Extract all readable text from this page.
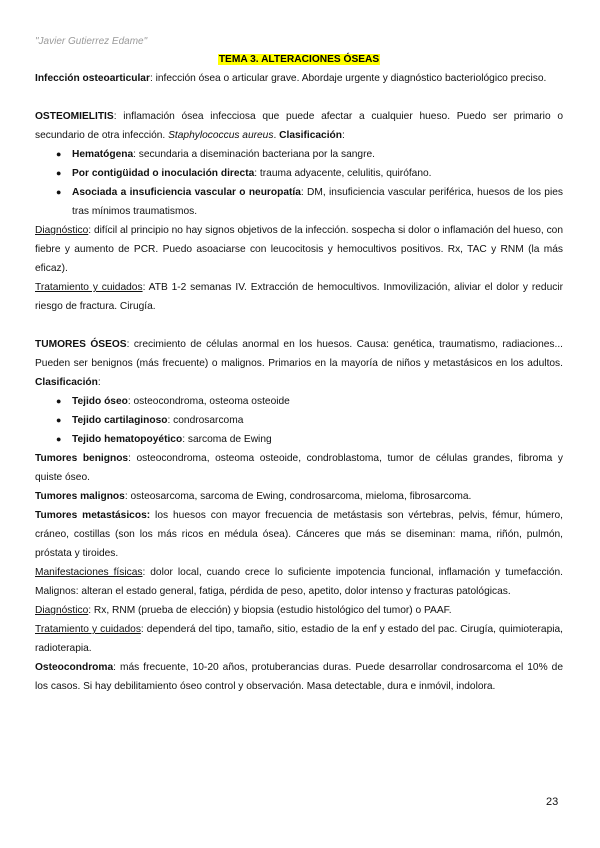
"Javier Gutierrez Edame"
TEMA 3. ALTERACIONES ÓSEAS

Infección osteoarticular: infección ósea o articular grave. Abordaje urgente y diagnóstico bacteriológico preciso.

OSTEOMIELITIS: inflamación ósea infecciosa que puede afectar a cualquier hueso. Puedo ser primario o secundario de otra infección. Staphylococcus aureus. Clasificación:

● Hematógena: secundaria a diseminación bacteriana por la sangre.
● Por contigüidad o inoculación directa: trauma adyacente, celulitis, quirófano.
● Asociada a insuficiencia vascular o neuropatía: DM, insuficiencia vascular periférica, huesos de los pies tras mínimos traumatismos.

Diagnóstico: difícil al principio no hay signos objetivos de la infección. sospecha si dolor o inflamación del hueso, con fiebre y aumento de PCR. Puedo asoaciarse con leucocitosis y hemocultivos positivos. Rx, TAC y RNM (la más eficaz).

Tratamiento y cuidados: ATB 1-2 semanas IV. Extracción de hemocultivos. Inmovilización, aliviar el dolor y reducir riesgo de fractura. Cirugía.

TUMORES ÓSEOS: crecimiento de células anormal en los huesos. Causa: genética, traumatismo, radiaciones... Pueden ser benignos (más frecuente) o malignos. Primarios en la mayoría de niños y metastásicos en los adultos. Clasificación:

● Tejido óseo: osteocondroma, osteoma osteoide
● Tejido cartilaginoso: condrosarcoma
● Tejido hematopoyético: sarcoma de Ewing

Tumores benignos: osteocondroma, osteoma osteoide, condroblastoma, tumor de células grandes, fibroma y quiste óseo.

Tumores malignos: osteosarcoma, sarcoma de Ewing, condrosarcoma, mieloma, fibrosarcoma.

Tumores metastásicos: los huesos con mayor frecuencia de metástasis son vértebras, pelvis, fémur, húmero, cráneo, costillas (son los más ricos en médula ósea). Cánceres que más se diseminan: mama, riñón, pulmón, próstata y tiroides.

Manifestaciones físicas: dolor local, cuando crece lo suficiente impotencia funcional, inflamación y tumefacción. Malignos: alteran el estado general, fatiga, pérdida de peso, apetito, dolor intenso y fracturas patológicas.

Diagnóstico: Rx, RNM (prueba de elección) y biopsia (estudio histológico del tumor) o PAAF.

Tratamiento y cuidados: dependerá del tipo, tamaño, sitio, estadio de la enf y estado del pac. Cirugía, quimioterapia, radioterapia.

Osteocondroma: más frecuente, 10-20 años, protuberancias duras. Puede desarrollar condrosarcoma el 10% de los casos. Si hay debilitamiento óseo control y observación. Masa detectable, dura e inmóvil, indolora.

23
